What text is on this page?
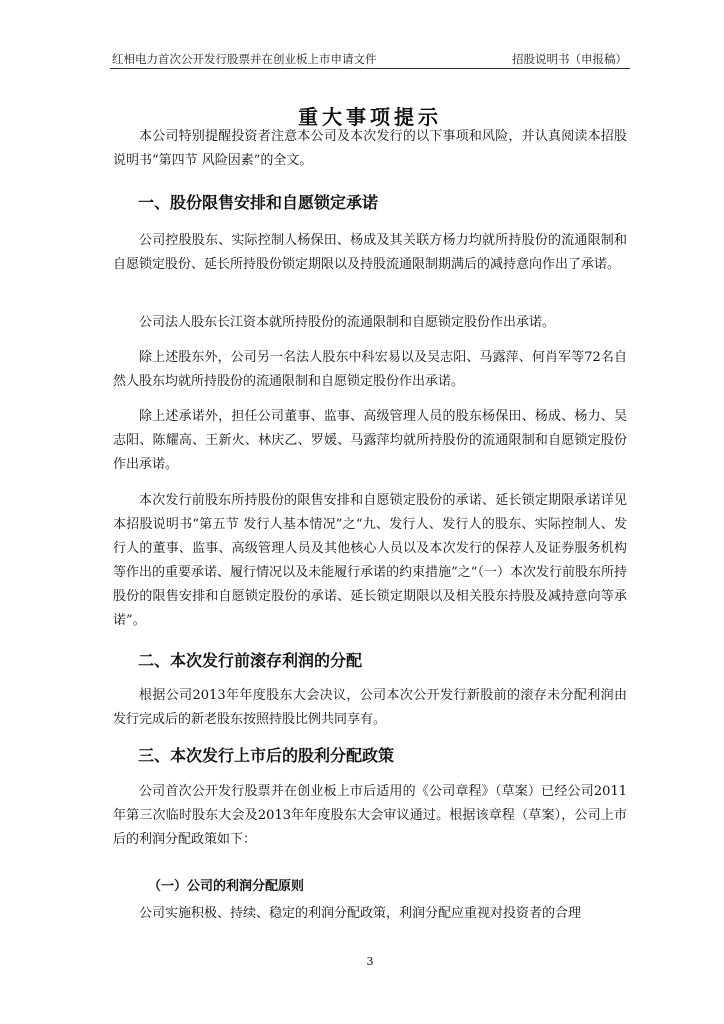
红相电力首次公开发行股票并在创业板上市申请文件	招股说明书（申报稿）
重大事项提示

本公司特别提醒投资者注意本公司及本次发行的以下事项和风险，并认真阅读本招股说明书“第四节 风险因素”的全文。

一、股份限售安排和自愿锁定承诺

公司控股股东、实际控制人杨保田、杨成及其关联方杨力均就所持股份的流通限制和自愿锁定股份、延长所持股份锁定期限以及持股流通限制期满后的减持意向作出了承诺。

公司法人股东长江资本就所持股份的流通限制和自愿锁定股份作出承诺。

除上述股东外，公司另一名法人股东中科宏易以及吴志阳、马露萍、何肖军等72名自然人股东均就所持股份的流通限制和自愿锁定股份作出承诺。

除上述承诺外，担任公司董事、监事、高级管理人员的股东杨保田、杨成、杨力、吴志阳、陈耀高、王新火、林庆乙、罗媛、马露萍均就所持股份的流通限制和自愿锁定股份作出承诺。

本次发行前股东所持股份的限售安排和自愿锁定股份的承诺、延长锁定期限承诺详见本招股说明书“第五节 发行人基本情况”之“九、发行人、发行人的股东、实际控制人、发行人的董事、监事、高级管理人员及其他核心人员以及本次发行的保荐人及证券服务机构等作出的重要承诺、履行情况以及未能履行承诺的约束措施”之“（一）本次发行前股东所持股份的限售安排和自愿锁定股份的承诺、延长锁定期限以及相关股东持股及减持意向等承诺”。

二、本次发行前滚存利润的分配

根据公司2013年年度股东大会决议，公司本次公开发行新股前的滚存未分配利润由发行完成后的新老股东按照持股比例共同享有。

三、本次发行上市后的股利分配政策

公司首次公开发行股票并在创业板上市后适用的《公司章程》（草案）已经公司2011年第三次临时股东大会及2013年年度股东大会审议通过。根据该章程（草案），公司上市后的利润分配政策如下：

（一）公司的利润分配原则

公司实施积极、持续、稳定的利润分配政策，利润分配应重视对投资者的合理

3
